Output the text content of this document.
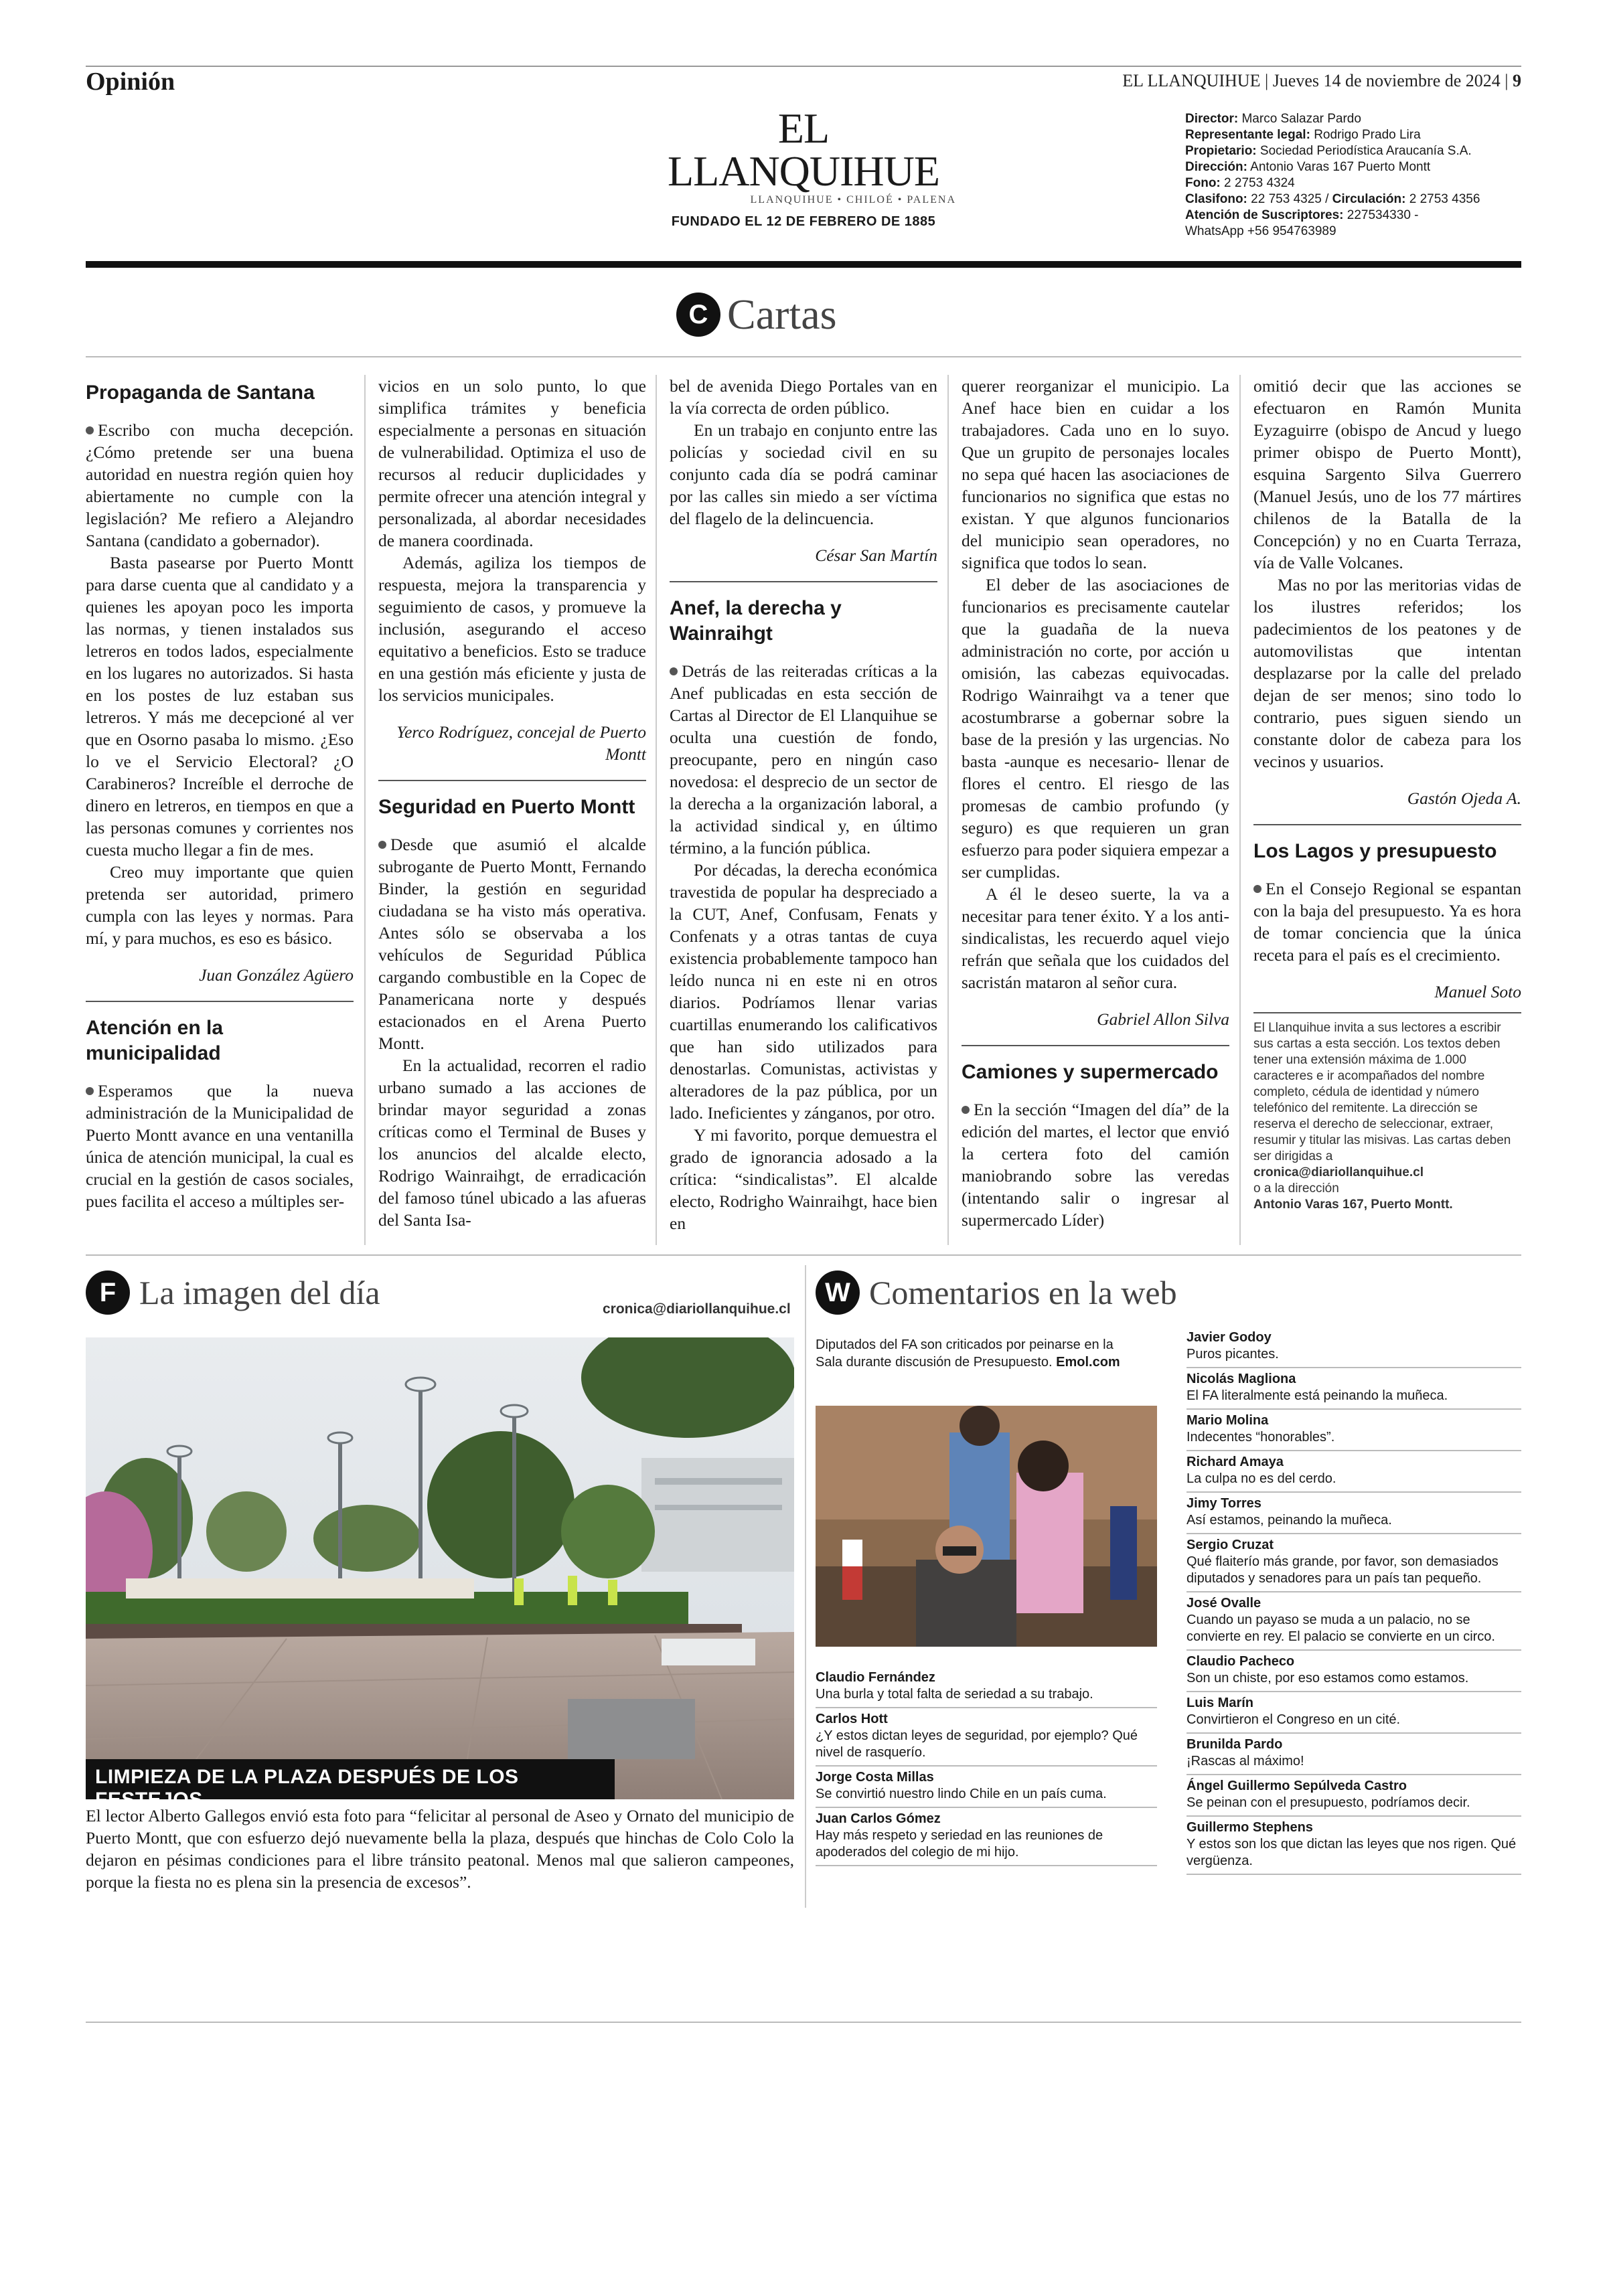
Opinión	EL LLANQUIHUE | Jueves 14 de noviembre de 2024 | 9
EL LLANQUIHUE
LLANQUIHUE • CHILOÉ • PALENA
FUNDADO EL 12 DE FEBRERO DE 1885
Director: Marco Salazar Pardo
Representante legal: Rodrigo Prado Lira
Propietario: Sociedad Periodística Araucanía S.A.
Dirección: Antonio Varas 167 Puerto Montt
Fono: 2 2753 4324
Clasifono: 22 753 4325 / Circulación: 2 2753 4356
Atención de Suscriptores: 227534330 -
WhatsApp +56 954763989
C Cartas
Propaganda de Santana

Escribo con mucha decepción. ¿Cómo pretende ser una buena autoridad en nuestra región quien hoy abiertamente no cumple con la legislación? Me refiero a Alejandro Santana (candidato a gobernador).

Basta pasearse por Puerto Montt para darse cuenta que al candidato y a quienes les apoyan poco les importa las normas, y tienen instalados sus letreros en todos lados, especialmente en los lugares no autorizados. Si hasta en los postes de luz estaban sus letreros. Y más me decepcioné al ver que en Osorno pasaba lo mismo. ¿Eso lo ve el Servicio Electoral? ¿O Carabineros? Increíble el derroche de dinero en letreros, en tiempos en que a las personas comunes y corrientes nos cuesta mucho llegar a fin de mes.

Creo muy importante que quien pretenda ser autoridad, primero cumpla con las leyes y normas. Para mí, y para muchos, es eso es básico.

Juan González Agüero
Atención en la municipalidad

Esperamos que la nueva administración de la Municipalidad de Puerto Montt avance en una ventanilla única de atención municipal, la cual es crucial en la gestión de casos sociales, pues facilita el acceso a múltiples ser-

vicios en un solo punto, lo que simplifica trámites y beneficia especialmente a personas en situación de vulnerabilidad. Optimiza el uso de recursos al reducir duplicidades y permite ofrecer una atención integral y personalizada, al abordar necesidades de manera coordinada.

Además, agiliza los tiempos de respuesta, mejora la transparencia y seguimiento de casos, y promueve la inclusión, asegurando el acceso equitativo a beneficios. Esto se traduce en una gestión más eficiente y justa de los servicios municipales.

Yerco Rodríguez, concejal de Puerto Montt
Seguridad en Puerto Montt

Desde que asumió el alcalde subrogante de Puerto Montt, Fernando Binder, la gestión en seguridad ciudadana se ha visto más operativa. Antes sólo se observaba a los vehículos de Seguridad Pública cargando combustible en la Copec de Panamericana norte y después estacionados en el Arena Puerto Montt.

En la actualidad, recorren el radio urbano sumado a las acciones de brindar mayor seguridad a zonas críticas como el Terminal de Buses y los anuncios del alcalde electo, Rodrigo Wainraihgt, de erradicación del famoso túnel ubicado a las afueras del Santa Isa-

bel de avenida Diego Portales van en la vía correcta de orden público.

En un trabajo en conjunto entre las policías y sociedad civil en su conjunto cada día se podrá caminar por las calles sin miedo a ser víctima del flagelo de la delincuencia.

César San Martín
Anef, la derecha y Wainraihgt

Detrás de las reiteradas críticas a la Anef publicadas en esta sección de Cartas al Director de El Llanquihue se oculta una cuestión de fondo, preocupante, pero en ningún caso novedosa: el desprecio de un sector de la derecha a la organización laboral, a la actividad sindical y, en último término, a la función pública.

Por décadas, la derecha económica travestida de popular ha despreciado a la CUT, Anef, Confusam, Fenats y Confenats y a otras tantas de cuya existencia probablemente tampoco han leído nunca ni en este ni en otros diarios. Podríamos llenar varias cuartillas enumerando los calificativos que han sido utilizados para denostarlas. Comunistas, activistas y alteradores de la paz pública, por un lado. Ineficientes y zánganos, por otro.

Y mi favorito, porque demuestra el grado de ignorancia adosado a la crítica: “sindicalistas”. El alcalde electo, Rodrigho Wainraihgt, hace bien en

querer reorganizar el municipio. La Anef hace bien en cuidar a los trabajadores. Cada uno en lo suyo. Que un grupito de personajes locales no sepa qué hacen las asociaciones de funcionarios no significa que estas no existan. Y que algunos funcionarios del municipio sean operadores, no significa que todos lo sean.

El deber de las asociaciones de funcionarios es precisamente cautelar que la guadaña de la nueva administración no corte, por acción u omisión, las cabezas equivocadas. Rodrigo Wainraihgt va a tener que acostumbrarse a gobernar sobre la base de la presión y las urgencias. No basta -aunque es necesario- llenar de flores el centro. El riesgo de las promesas de cambio profundo (y seguro) es que requieren un gran esfuerzo para poder siquiera empezar a ser cumplidas.

A él le deseo suerte, la va a necesitar para tener éxito. Y a los anti-sindicalistas, les recuerdo aquel viejo refrán que señala que los cuidados del sacristán mataron al señor cura.

Gabriel Allon Silva
Camiones y supermercado

En la sección “Imagen del día” de la edición del martes, el lector que envió la certera foto del camión maniobrando sobre las veredas (intentando salir o ingresar al supermercado Líder)

omitió decir que las acciones se efectuaron en Ramón Munita Eyzaguirre (obispo de Ancud y luego primer obispo de Puerto Montt), esquina Sargento Silva Guerrero (Manuel Jesús, uno de los 77 mártires chilenos de la Batalla de la Concepción) y no en Cuarta Terraza, vía de Valle Volcanes.

Mas no por las meritorias vidas de los ilustres referidos; los padecimientos de los peatones y de automovilistas que intentan desplazarse por la calle del prelado dejan de ser menos; sino todo lo contrario, pues siguen siendo un constante dolor de cabeza para los vecinos y usuarios.

Gastón Ojeda A.
Los Lagos y presupuesto

En el Consejo Regional se espantan con la baja del presupuesto. Ya es hora de tomar conciencia que la única receta para el país es el crecimiento.

Manuel Soto
El Llanquihue invita a sus lectores a escribir sus cartas a esta sección. Los textos deben tener una extensión máxima de 1.000 caracteres e ir acompañados del nombre completo, cédula de identidad y número telefónico del remitente. La dirección se reserva el derecho de seleccionar, extraer, resumir y titular las misivas. Las cartas deben ser dirigidas a
cronica@diariollanquihue.cl
o a la dirección
Antonio Varas 167, Puerto Montt.
F La imagen del día	cronica@diariollanquihue.cl
LIMPIEZA DE LA PLAZA DESPUÉS DE LOS FESTEJOS
El lector Alberto Gallegos envió esta foto para “felicitar al personal de Aseo y Ornato del municipio de Puerto Montt, que con esfuerzo dejó nuevamente bella la plaza, después que hinchas de Colo Colo la dejaron en pésimas condiciones para el libre tránsito peatonal. Menos mal que salieron campeones, porque la fiesta no es plena sin la presencia de excesos”.
W Comentarios en la web
Diputados del FA son criticados por peinarse en la Sala durante discusión de Presupuesto. Emol.com
Claudio Fernández
Una burla y total falta de seriedad a su trabajo.
Carlos Hott
¿Y estos dictan leyes de seguridad, por ejemplo? Qué nivel de rasquerío.
Jorge Costa Millas
Se convirtió nuestro lindo Chile en un país cuma.
Juan Carlos Gómez
Hay más respeto y seriedad en las reuniones de apoderados del colegio de mi hijo.
Javier Godoy
Puros picantes.
Nicolás Magliona
El FA literalmente está peinando la muñeca.
Mario Molina
Indecentes “honorables”.
Richard Amaya
La culpa no es del cerdo.
Jimy Torres
Así estamos, peinando la muñeca.
Sergio Cruzat
Qué flaiterío más grande, por favor, son demasiados diputados y senadores para un país tan pequeño.
José Ovalle
Cuando un payaso se muda a un palacio, no se convierte en rey. El palacio se convierte en un circo.
Claudio Pacheco
Son un chiste, por eso estamos como estamos.
Luis Marín
Convirtieron el Congreso en un cité.
Brunilda Pardo
¡Rascas al máximo!
Ángel Guillermo Sepúlveda Castro
Se peinan con el presupuesto, podríamos decir.
Guillermo Stephens
Y estos son los que dictan las leyes que nos rigen. Qué vergüenza.
